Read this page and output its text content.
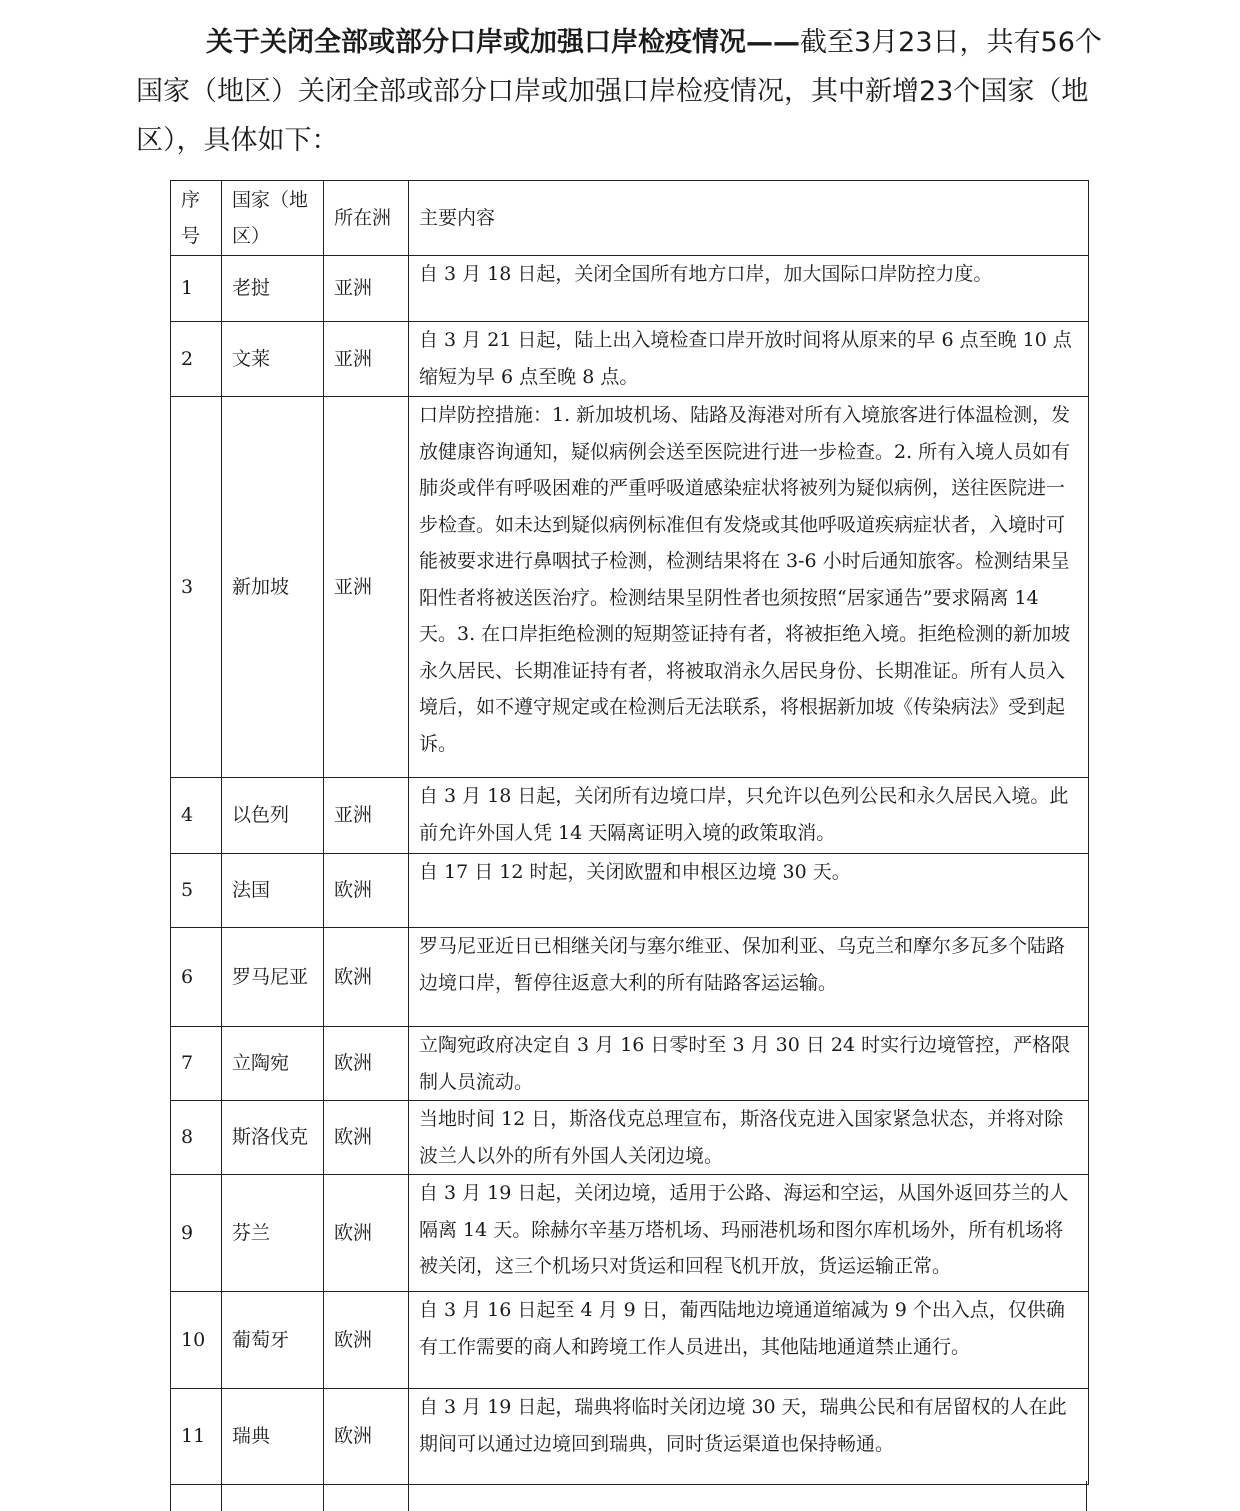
关于关闭全部或部分口岸或加强口岸检疫情况——截至3月23日，共有56个国家（地区）关闭全部或部分口岸或加强口岸检疫情况，其中新增23个国家（地区），具体如下：
序号	国家（地区）	所在洲	主要内容
1	老挝	亚洲	自 3 月 18 日起，关闭全国所有地方口岸，加大国际口岸防控力度。
2	文莱	亚洲	自 3 月 21 日起，陆上出入境检查口岸开放时间将从原来的早 6 点至晚 10 点缩短为早 6 点至晚 8 点。
3	新加坡	亚洲	口岸防控措施：1. 新加坡机场、陆路及海港对所有入境旅客进行体温检测，发放健康咨询通知，疑似病例会送至医院进行进一步检查。2. 所有入境人员如有肺炎或伴有呼吸困难的严重呼吸道感染症状将被列为疑似病例，送往医院进一步检查。如未达到疑似病例标准但有发烧或其他呼吸道疾病症状者，入境时可能被要求进行鼻咽拭子检测，检测结果将在 3-6 小时后通知旅客。检测结果呈阳性者将被送医治疗。检测结果呈阴性者也须按照“居家通告”要求隔离 14 天。3. 在口岸拒绝检测的短期签证持有者，将被拒绝入境。拒绝检测的新加坡永久居民、长期准证持有者，将被取消永久居民身份、长期准证。所有人员入境后，如不遵守规定或在检测后无法联系，将根据新加坡《传染病法》受到起诉。
4	以色列	亚洲	自 3 月 18 日起，关闭所有边境口岸，只允许以色列公民和永久居民入境。此前允许外国人凭 14 天隔离证明入境的政策取消。
5	法国	欧洲	自 17 日 12 时起，关闭欧盟和申根区边境 30 天。
6	罗马尼亚	欧洲	罗马尼亚近日已相继关闭与塞尔维亚、保加利亚、乌克兰和摩尔多瓦多个陆路边境口岸，暂停往返意大利的所有陆路客运运输。
7	立陶宛	欧洲	立陶宛政府决定自 3 月 16 日零时至 3 月 30 日 24 时实行边境管控，严格限制人员流动。
8	斯洛伐克	欧洲	当地时间 12 日，斯洛伐克总理宣布，斯洛伐克进入国家紧急状态，并将对除波兰人以外的所有外国人关闭边境。
9	芬兰	欧洲	自 3 月 19 日起，关闭边境，适用于公路、海运和空运，从国外返回芬兰的人隔离 14 天。除赫尔辛基万塔机场、玛丽港机场和图尔库机场外，所有机场将被关闭，这三个机场只对货运和回程飞机开放，货运运输正常。
10	葡萄牙	欧洲	自 3 月 16 日起至 4 月 9 日，葡西陆地边境通道缩减为 9 个出入点，仅供确有工作需要的商人和跨境工作人员进出，其他陆地通道禁止通行。
11	瑞典	欧洲	自 3 月 19 日起，瑞典将临时关闭边境 30 天，瑞典公民和有居留权的人在此期间可以通过边境回到瑞典，同时货运渠道也保持畅通。
